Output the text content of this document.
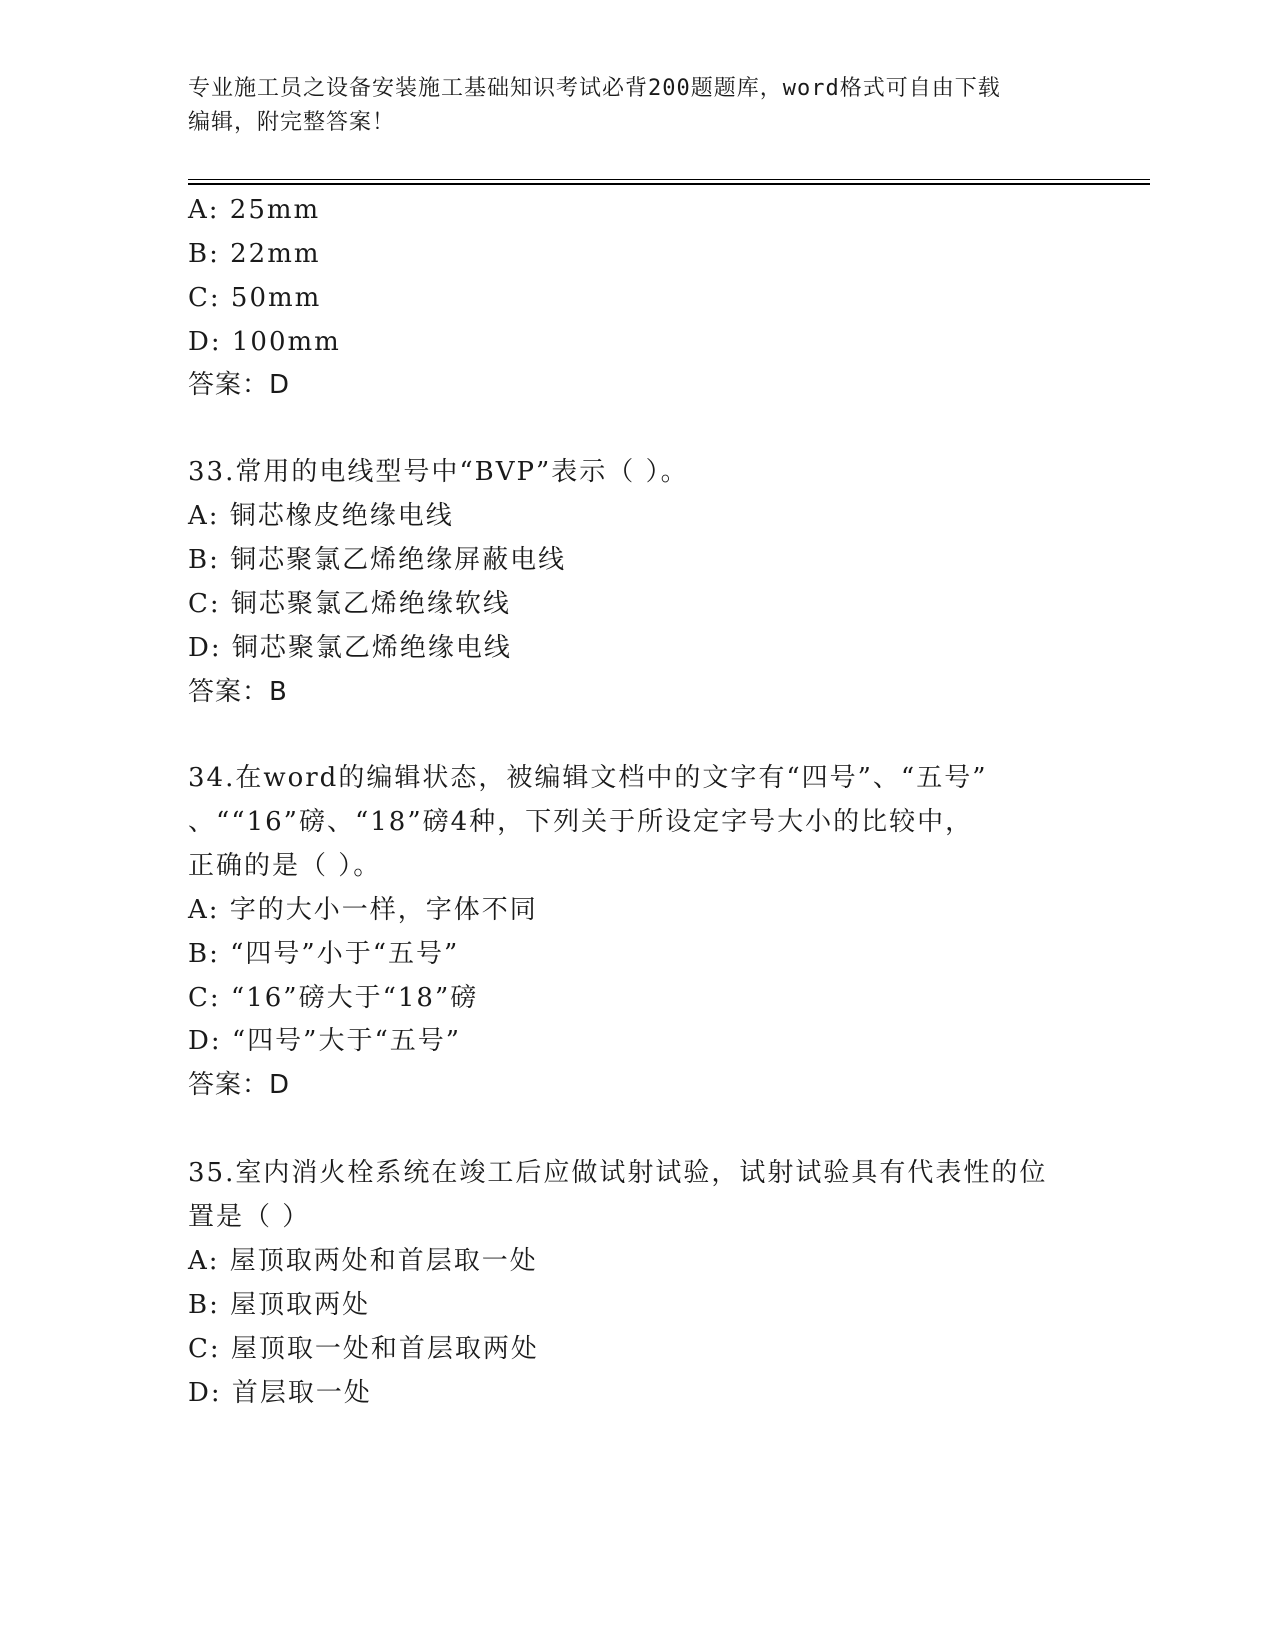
专业施工员之设备安装施工基础知识考试必背200题题库，word格式可自由下载
编辑，附完整答案！
A: 25mm
B: 22mm
C: 50mm
D: 100mm
答案：D
33.常用的电线型号中“BVP”表示（ ）。
A: 铜芯橡皮绝缘电线
B: 铜芯聚氯乙烯绝缘屏蔽电线
C: 铜芯聚氯乙烯绝缘软线
D: 铜芯聚氯乙烯绝缘电线
答案：B
34.在word的编辑状态，被编辑文档中的文字有“四号”、“五号”
、““16”磅、“18”磅4种，下列关于所设定字号大小的比较中，
正确的是（ ）。
A: 字的大小一样，字体不同
B: “四号”小于“五号”
C: “16”磅大于“18”磅
D: “四号”大于“五号”
答案：D
35.室内消火栓系统在竣工后应做试射试验，试射试验具有代表性的位
置是（ ）
A: 屋顶取两处和首层取一处
B: 屋顶取两处
C: 屋顶取一处和首层取两处
D: 首层取一处
